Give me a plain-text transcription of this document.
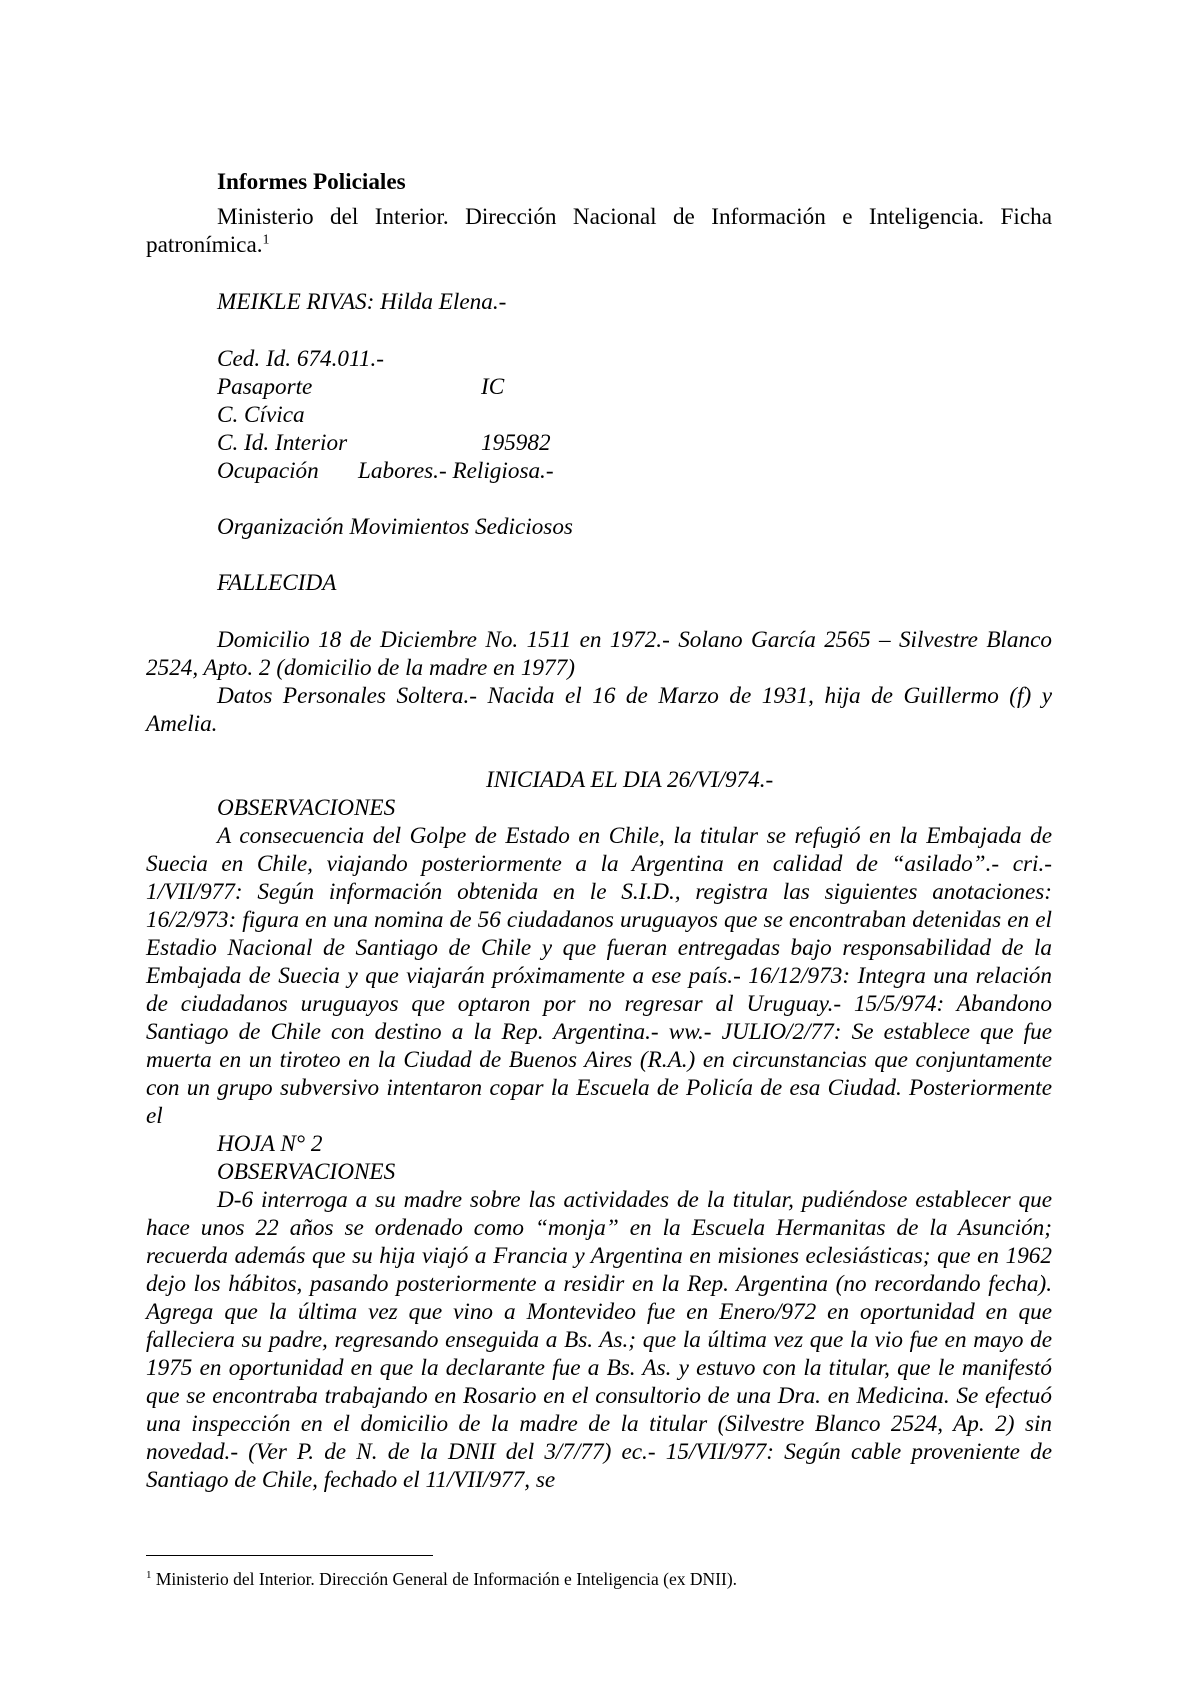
Informes Policiales

Ministerio del Interior. Dirección Nacional de Información e Inteligencia. Ficha patronímica.$^1$

MEIKLE RIVAS: Hilda Elena.-

Ced. Id. 674.011.-
Pasaporte	IC
C. Cívica
C. Id. Interior	195982
Ocupación	Labores.- Religiosa.-

Organización Movimientos Sediciosos

FALLECIDA

Domicilio 18 de Diciembre No. 1511 en 1972.- Solano García 2565 – Silvestre Blanco 2524, Apto. 2 (domicilio de la madre en 1977)

Datos Personales Soltera.- Nacida el 16 de Marzo de 1931, hija de Guillermo (f) y Amelia.

INICIADA EL DIA 26/VI/974.-

OBSERVACIONES

A consecuencia del Golpe de Estado en Chile, la titular se refugió en la Embajada de Suecia en Chile, viajando posteriormente a la Argentina en calidad de “asilado”.- cri.- 1/VII/977: Según información obtenida en le S.I.D., registra las siguientes anotaciones: 16/2/973: figura en una nomina de 56 ciudadanos uruguayos que se encontraban detenidas en el Estadio Nacional de Santiago de Chile y que fueran entregadas bajo responsabilidad de la Embajada de Suecia y que viajarán próximamente a ese país.- 16/12/973: Integra una relación de ciudadanos uruguayos que optaron por no regresar al Uruguay.- 15/5/974: Abandono Santiago de Chile con destino a la Rep. Argentina.- ww.- JULIO/2/77: Se establece que fue muerta en un tiroteo en la Ciudad de Buenos Aires (R.A.) en circunstancias que conjuntamente con un grupo subversivo intentaron copar la Escuela de Policía de esa Ciudad. Posteriormente el

HOJA N° 2

OBSERVACIONES

D-6 interroga a su madre sobre las actividades de la titular, pudiéndose establecer que hace unos 22 años se ordenado como “monja” en la Escuela Hermanitas de la Asunción; recuerda además que su hija viajó a Francia y Argentina en misiones eclesiásticas; que en 1962 dejo los hábitos, pasando posteriormente a residir en la Rep. Argentina (no recordando fecha). Agrega que la última vez que vino a Montevideo fue en Enero/972 en oportunidad en que falleciera su padre, regresando enseguida a Bs. As.; que la última vez que la vio fue en mayo de 1975 en oportunidad en que la declarante fue a Bs. As. y estuvo con la titular, que le manifestó que se encontraba trabajando en Rosario en el consultorio de una Dra. en Medicina. Se efectuó una inspección en el domicilio de la madre de la titular (Silvestre Blanco 2524, Ap. 2) sin novedad.- (Ver P. de N. de la DNII del 3/7/77) ec.- 15/VII/977: Según cable proveniente de Santiago de Chile, fechado el 11/VII/977, se

$^1$ Ministerio del Interior. Dirección General de Información e Inteligencia (ex DNII).
